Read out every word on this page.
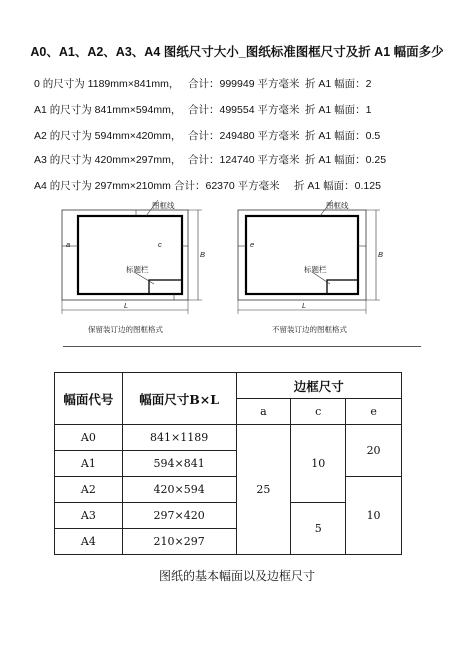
A0、A1、A2、A3、A4 图纸尺寸大小_图纸标准图框尺寸及折 A1 幅面多少
0 的尺寸为 1189mm×841mm， 合计：999949 平方毫米 折 A1 幅面：2
A1 的尺寸为 841mm×594mm， 合计：499554 平方毫米 折 A1 幅面：1
A2 的尺寸为 594mm×420mm， 合计：249480 平方毫米 折 A1 幅面：0.5
A3 的尺寸为 420mm×297mm， 合计：124740 平方毫米 折 A1 幅面：0.25
A4 的尺寸为 297mm×210mm 合计：62370 平方毫米 折 A1 幅面：0.125
图框线
标题栏
a	c
B
L
保留装订边的图框格式
图框线
标题栏
e
B
L
不留装订边的图框格式
幅面代号	幅面尺寸B×L	边框尺寸		
		a	c	e
A0	841×1189	25	10	20
A1	594×841			
A2	420×594			10
A3	297×420		5	
A4	210×297			
图纸的基本幅面以及边框尺寸
